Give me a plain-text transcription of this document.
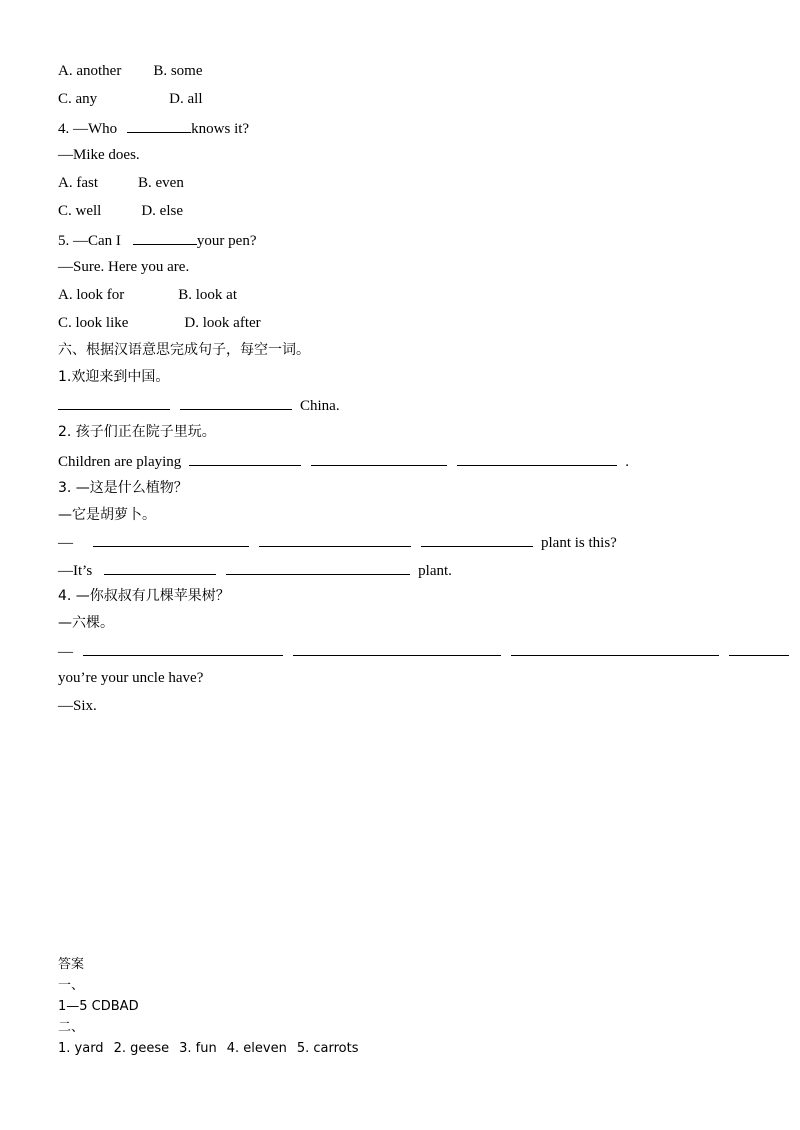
A. another B. some
C. any	D. all
4. —Who	knows it?
—Mike does.
A. fast	B. even
C. well	D. else
5. —Can I	your pen?
—Sure. Here you are.
A. look for	B. look at
C. look like	D. look after
六、根据汉语意思完成句子，每空一词。
1.欢迎来到中国。
China.
2. 孩子们正在院子里玩。
Children are playing	.
3. —这是什么植物？
—它是胡萝卜。
—	plant is this?
—It’s	plant.
4. —你叔叔有几棵苹果树？
—六棵。
—
you’re your uncle have?
—Six.
答案
一、
1—5 CDBAD
二、
1. yard 2. geese 3. fun 4. eleven 5. carrots
